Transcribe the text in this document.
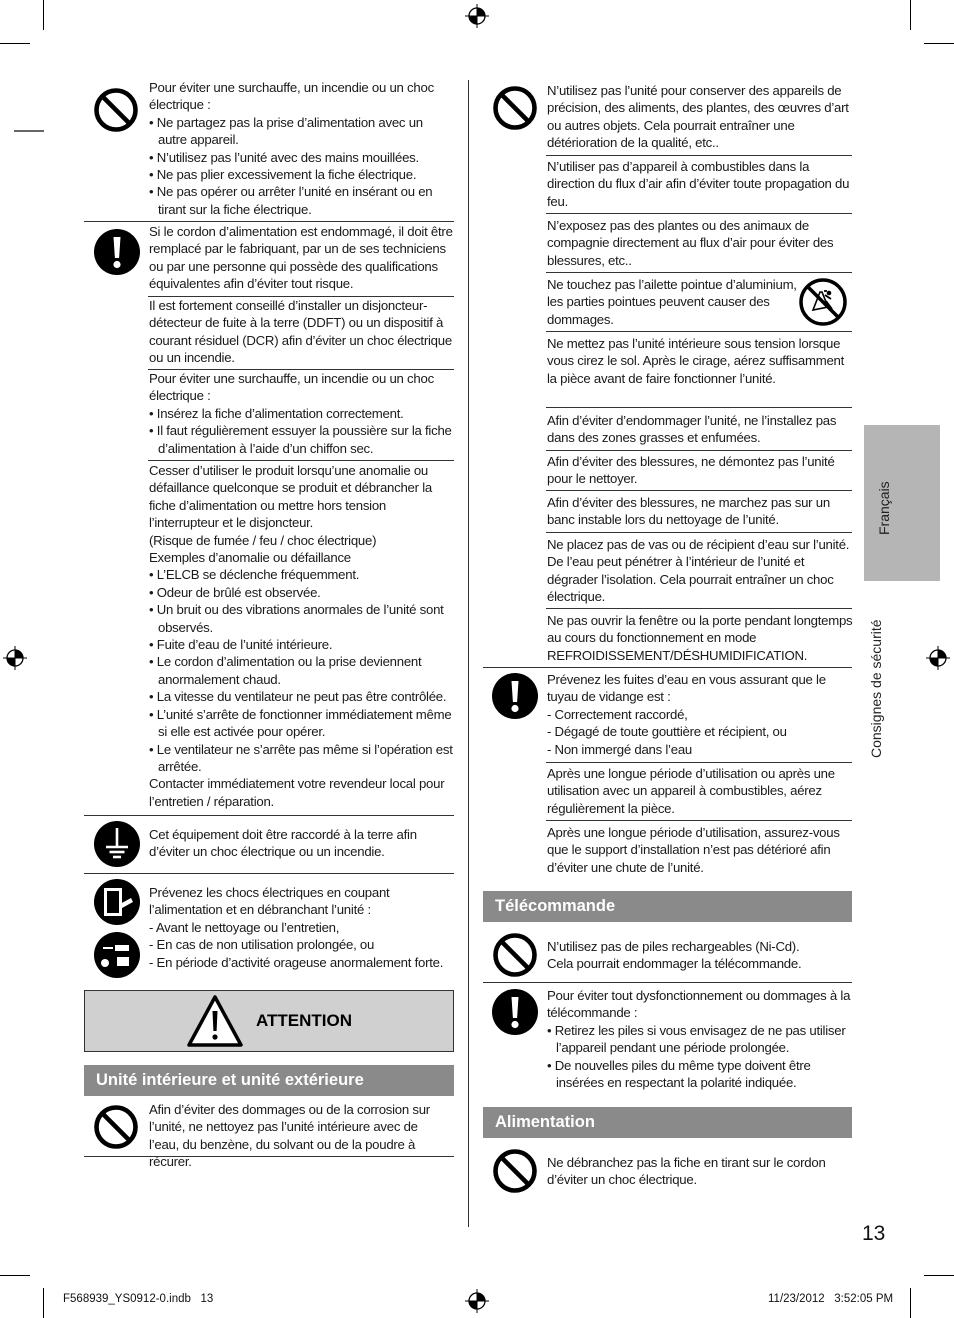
Français
Consignes de sécurité

Pour éviter une surchauffe, un incendie ou un choc électrique :

• Ne partagez pas la prise d’alimentation avec un autre appareil.

• N’utilisez pas l’unité avec des mains mouillées.

• Ne pas plier excessivement la fiche électrique.

• Ne pas opérer ou arrêter l’unité en insérant ou en tirant sur la fiche électrique.

Si le cordon d’alimentation est endommagé, il doit être remplacé par le fabriquant, par un de ses techniciens ou par une personne qui possède des qualifications équivalentes afin d’éviter tout risque.
Il est fortement conseillé d’installer un disjoncteur-détecteur de fuite à la terre (DDFT) ou un dispositif à courant résiduel (DCR) afin d’éviter un choc électrique ou un incendie.

Pour éviter une surchauffe, un incendie ou un choc électrique :

• Insérez la fiche d’alimentation correctement.

• Il faut régulièrement essuyer la poussière sur la fiche d’alimentation à l’aide d’un chiffon sec.

Cesser d’utiliser le produit lorsqu’une anomalie ou défaillance quelconque se produit et débrancher la fiche d’alimentation ou mettre hors tension l’interrupteur et le disjoncteur.

(Risque de fumée / feu / choc électrique)

Exemples d’anomalie ou défaillance

• L’ELCB se déclenche fréquemment.

• Odeur de brûlé est observée.

• Un bruit ou des vibrations anormales de l’unité sont observés.

• Fuite d’eau de l’unité intérieure.

• Le cordon d’alimentation ou la prise deviennent anormalement chaud.

• La vitesse du ventilateur ne peut pas être contrôlée.

• L’unité s’arrête de fonctionner immédiatement même si elle est activée pour opérer.

• Le ventilateur ne s’arrête pas même si l’opération est arrêtée.

Contacter immédiatement votre revendeur local pour l’entretien / réparation.

Cet équipement doit être raccordé à la terre afin d’éviter un choc électrique ou un incendie.

Prévenez les chocs électriques en coupant l’alimentation et en débranchant l’unité :

- Avant le nettoyage ou l’entretien,

- En cas de non utilisation prolongée, ou

- En période d’activité orageuse anormalement forte.

ATTENTION
Unité intérieure et unité extérieure
Afin d’éviter des dommages ou de la corrosion sur l’unité, ne nettoyez pas l’unité intérieure avec de l’eau, du benzène, du solvant ou de la poudre à récurer.
N’utilisez pas l’unité pour conserver des appareils de précision, des aliments, des plantes, des œuvres d’art ou autres objets. Cela pourrait entraîner une détérioration de la qualité, etc..
N’utiliser pas d’appareil à combustibles dans la direction du flux d’air afin d’éviter toute propagation du feu.
N’exposez pas des plantes ou des animaux de compagnie directement au flux d’air pour éviter des blessures, etc..
Ne touchez pas l’ailette pointue d’aluminium, les parties pointues peuvent causer des dommages.
Ne mettez pas l’unité intérieure sous tension lorsque vous cirez le sol. Après le cirage, aérez suffisamment la pièce avant de faire fonctionner l’unité.
Afin d’éviter d’endommager l’unité, ne l’installez pas dans des zones grasses et enfumées.
Afin d’éviter des blessures, ne démontez pas l’unité pour le nettoyer.
Afin d’éviter des blessures, ne marchez pas sur un banc instable lors du nettoyage de l’unité.
Ne placez pas de vas ou de récipient d’eau sur l’unité. De l’eau peut pénétrer à l’intérieur de l’unité et dégrader l’isolation. Cela pourrait entraîner un choc électrique.
Ne pas ouvrir la fenêtre ou la porte pendant longtemps au cours du fonctionnement en mode REFROIDISSEMENT/DÉSHUMIDIFICATION.

Prévenez les fuites d’eau en vous assurant que le tuyau de vidange est :

- Correctement raccordé,

- Dégagé de toute gouttière et récipient, ou

- Non immergé dans l’eau

Après une longue période d’utilisation ou après une utilisation avec un appareil à combustibles, aérez régulièrement la pièce.
Après une longue période d’utilisation, assurez-vous que le support d’installation n’est pas détérioré afin d’éviter une chute de l’unité.
Télécommande

N’utilisez pas de piles rechargeables (Ni-Cd).

Cela pourrait endommager la télécommande.

Pour éviter tout dysfonctionnement ou dommages à la télécommande :

• Retirez les piles si vous envisagez de ne pas utiliser l’appareil pendant une période prolongée.

• De nouvelles piles du même type doivent être insérées en respectant la polarité indiquée.

Alimentation
Ne débranchez pas la fiche en tirant sur le cordon d’éviter un choc électrique.
13
F568939_YS0912-0.indb   13	11/23/2012   3:52:05 PM
